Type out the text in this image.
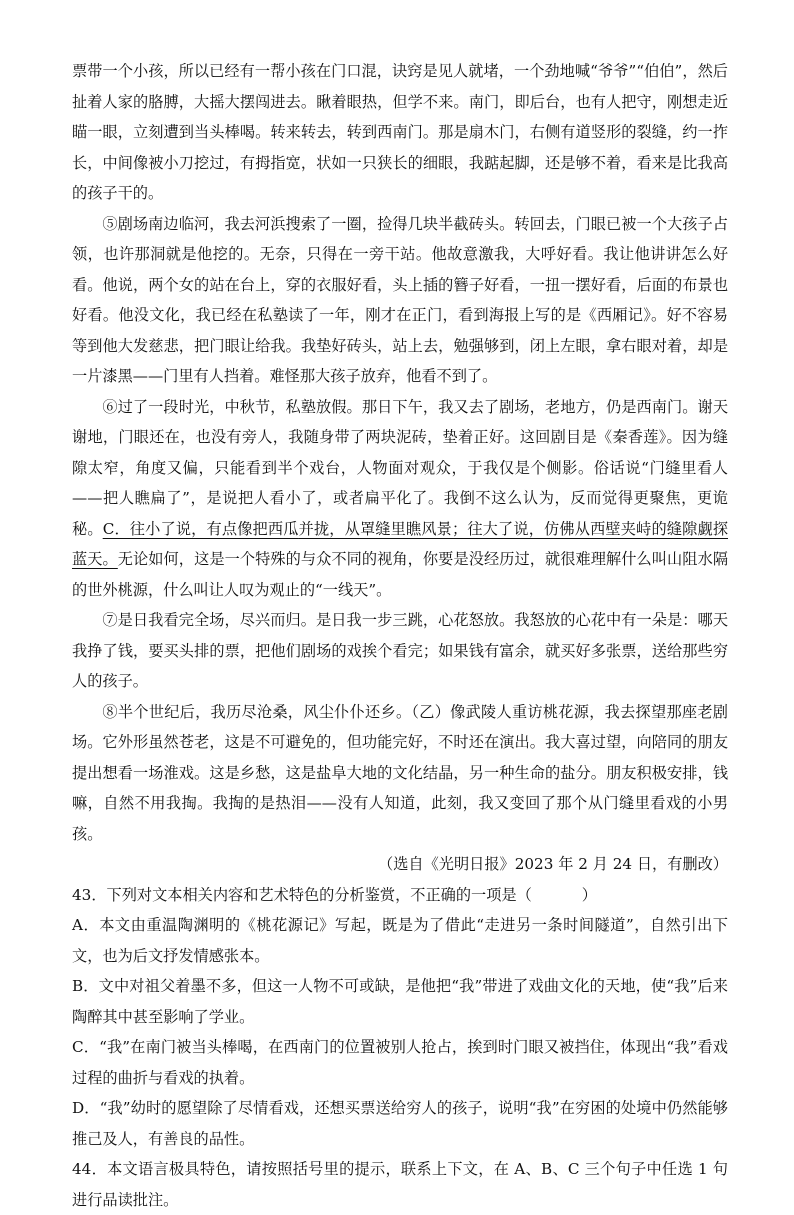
票带一个小孩，所以已经有一帮小孩在门口混，诀窍是见人就堵，一个劲地喊“爷爷”“伯伯”，然后扯着人家的胳膊，大摇大摆闯进去。瞅着眼热，但学不来。南门，即后台，也有人把守，刚想走近瞄一眼，立刻遭到当头棒喝。转来转去，转到西南门。那是扇木门，右侧有道竖形的裂缝，约一拃长，中间像被小刀挖过，有拇指宽，状如一只狭长的细眼，我踮起脚，还是够不着，看来是比我高的孩子干的。

⑤剧场南边临河，我去河浜搜索了一圈，捡得几块半截砖头。转回去，门眼已被一个大孩子占领，也许那洞就是他挖的。无奈，只得在一旁干站。他故意激我，大呼好看。我让他讲讲怎么好看。他说，两个女的站在台上，穿的衣服好看，头上插的簪子好看，一扭一摆好看，后面的布景也好看。他没文化，我已经在私塾读了一年，刚才在正门，看到海报上写的是《西厢记》。好不容易等到他大发慈悲，把门眼让给我。我垫好砖头，站上去，勉强够到，闭上左眼，拿右眼对着，却是一片漆黑——门里有人挡着。难怪那大孩子放弃，他看不到了。

⑥过了一段时光，中秋节，私塾放假。那日下午，我又去了剧场，老地方，仍是西南门。谢天谢地，门眼还在，也没有旁人，我随身带了两块泥砖，垫着正好。这回剧目是《秦香莲》。因为缝隙太窄，角度又偏，只能看到半个戏台，人物面对观众，于我仅是个侧影。俗话说“门缝里看人——把人瞧扁了”，是说把人看小了，或者扁平化了。我倒不这么认为，反而觉得更聚焦，更诡秘。C．往小了说，有点像把西瓜并拢，从罩缝里瞧风景；往大了说，仿佛从西壁夹峙的缝隙觑探蓝天。无论如何，这是一个特殊的与众不同的视角，你要是没经历过，就很难理解什么叫山阻水隔的世外桃源，什么叫让人叹为观止的“一线天”。

⑦是日我看完全场，尽兴而归。是日我一步三跳，心花怒放。我怒放的心花中有一朵是：哪天我挣了钱，要买头排的票，把他们剧场的戏挨个看完；如果钱有富余，就买好多张票，送给那些穷人的孩子。

⑧半个世纪后，我历尽沧桑，风尘仆仆还乡。（乙）像武陵人重访桃花源，我去探望那座老剧场。它外形虽然苍老，这是不可避免的，但功能完好，不时还在演出。我大喜过望，向陪同的朋友提出想看一场淮戏。这是乡愁，这是盐阜大地的文化结晶，另一种生命的盐分。朋友积极安排，钱嘛，自然不用我掏。我掏的是热泪——没有人知道，此刻，我又变回了那个从门缝里看戏的小男孩。

（选自《光明日报》2023 年 2 月 24 日，有删改）

43．下列对文本相关内容和艺术特色的分析鉴赏，不正确的一项是（	）

A．本文由重温陶渊明的《桃花源记》写起，既是为了借此“走进另一条时间隧道”，自然引出下文，也为后文抒发情感张本。

B．文中对祖父着墨不多，但这一人物不可或缺，是他把“我”带进了戏曲文化的天地，使“我”后来陶醉其中甚至影响了学业。

C．“我”在南门被当头棒喝，在西南门的位置被别人抢占，挨到时门眼又被挡住，体现出“我”看戏过程的曲折与看戏的执着。

D．“我”幼时的愿望除了尽情看戏，还想买票送给穷人的孩子，说明“我”在穷困的处境中仍然能够推己及人，有善良的品性。

44．本文语言极具特色，请按照括号里的提示，联系上下文，在 A、B、C 三个句子中任选 1 句进行品读批注。
